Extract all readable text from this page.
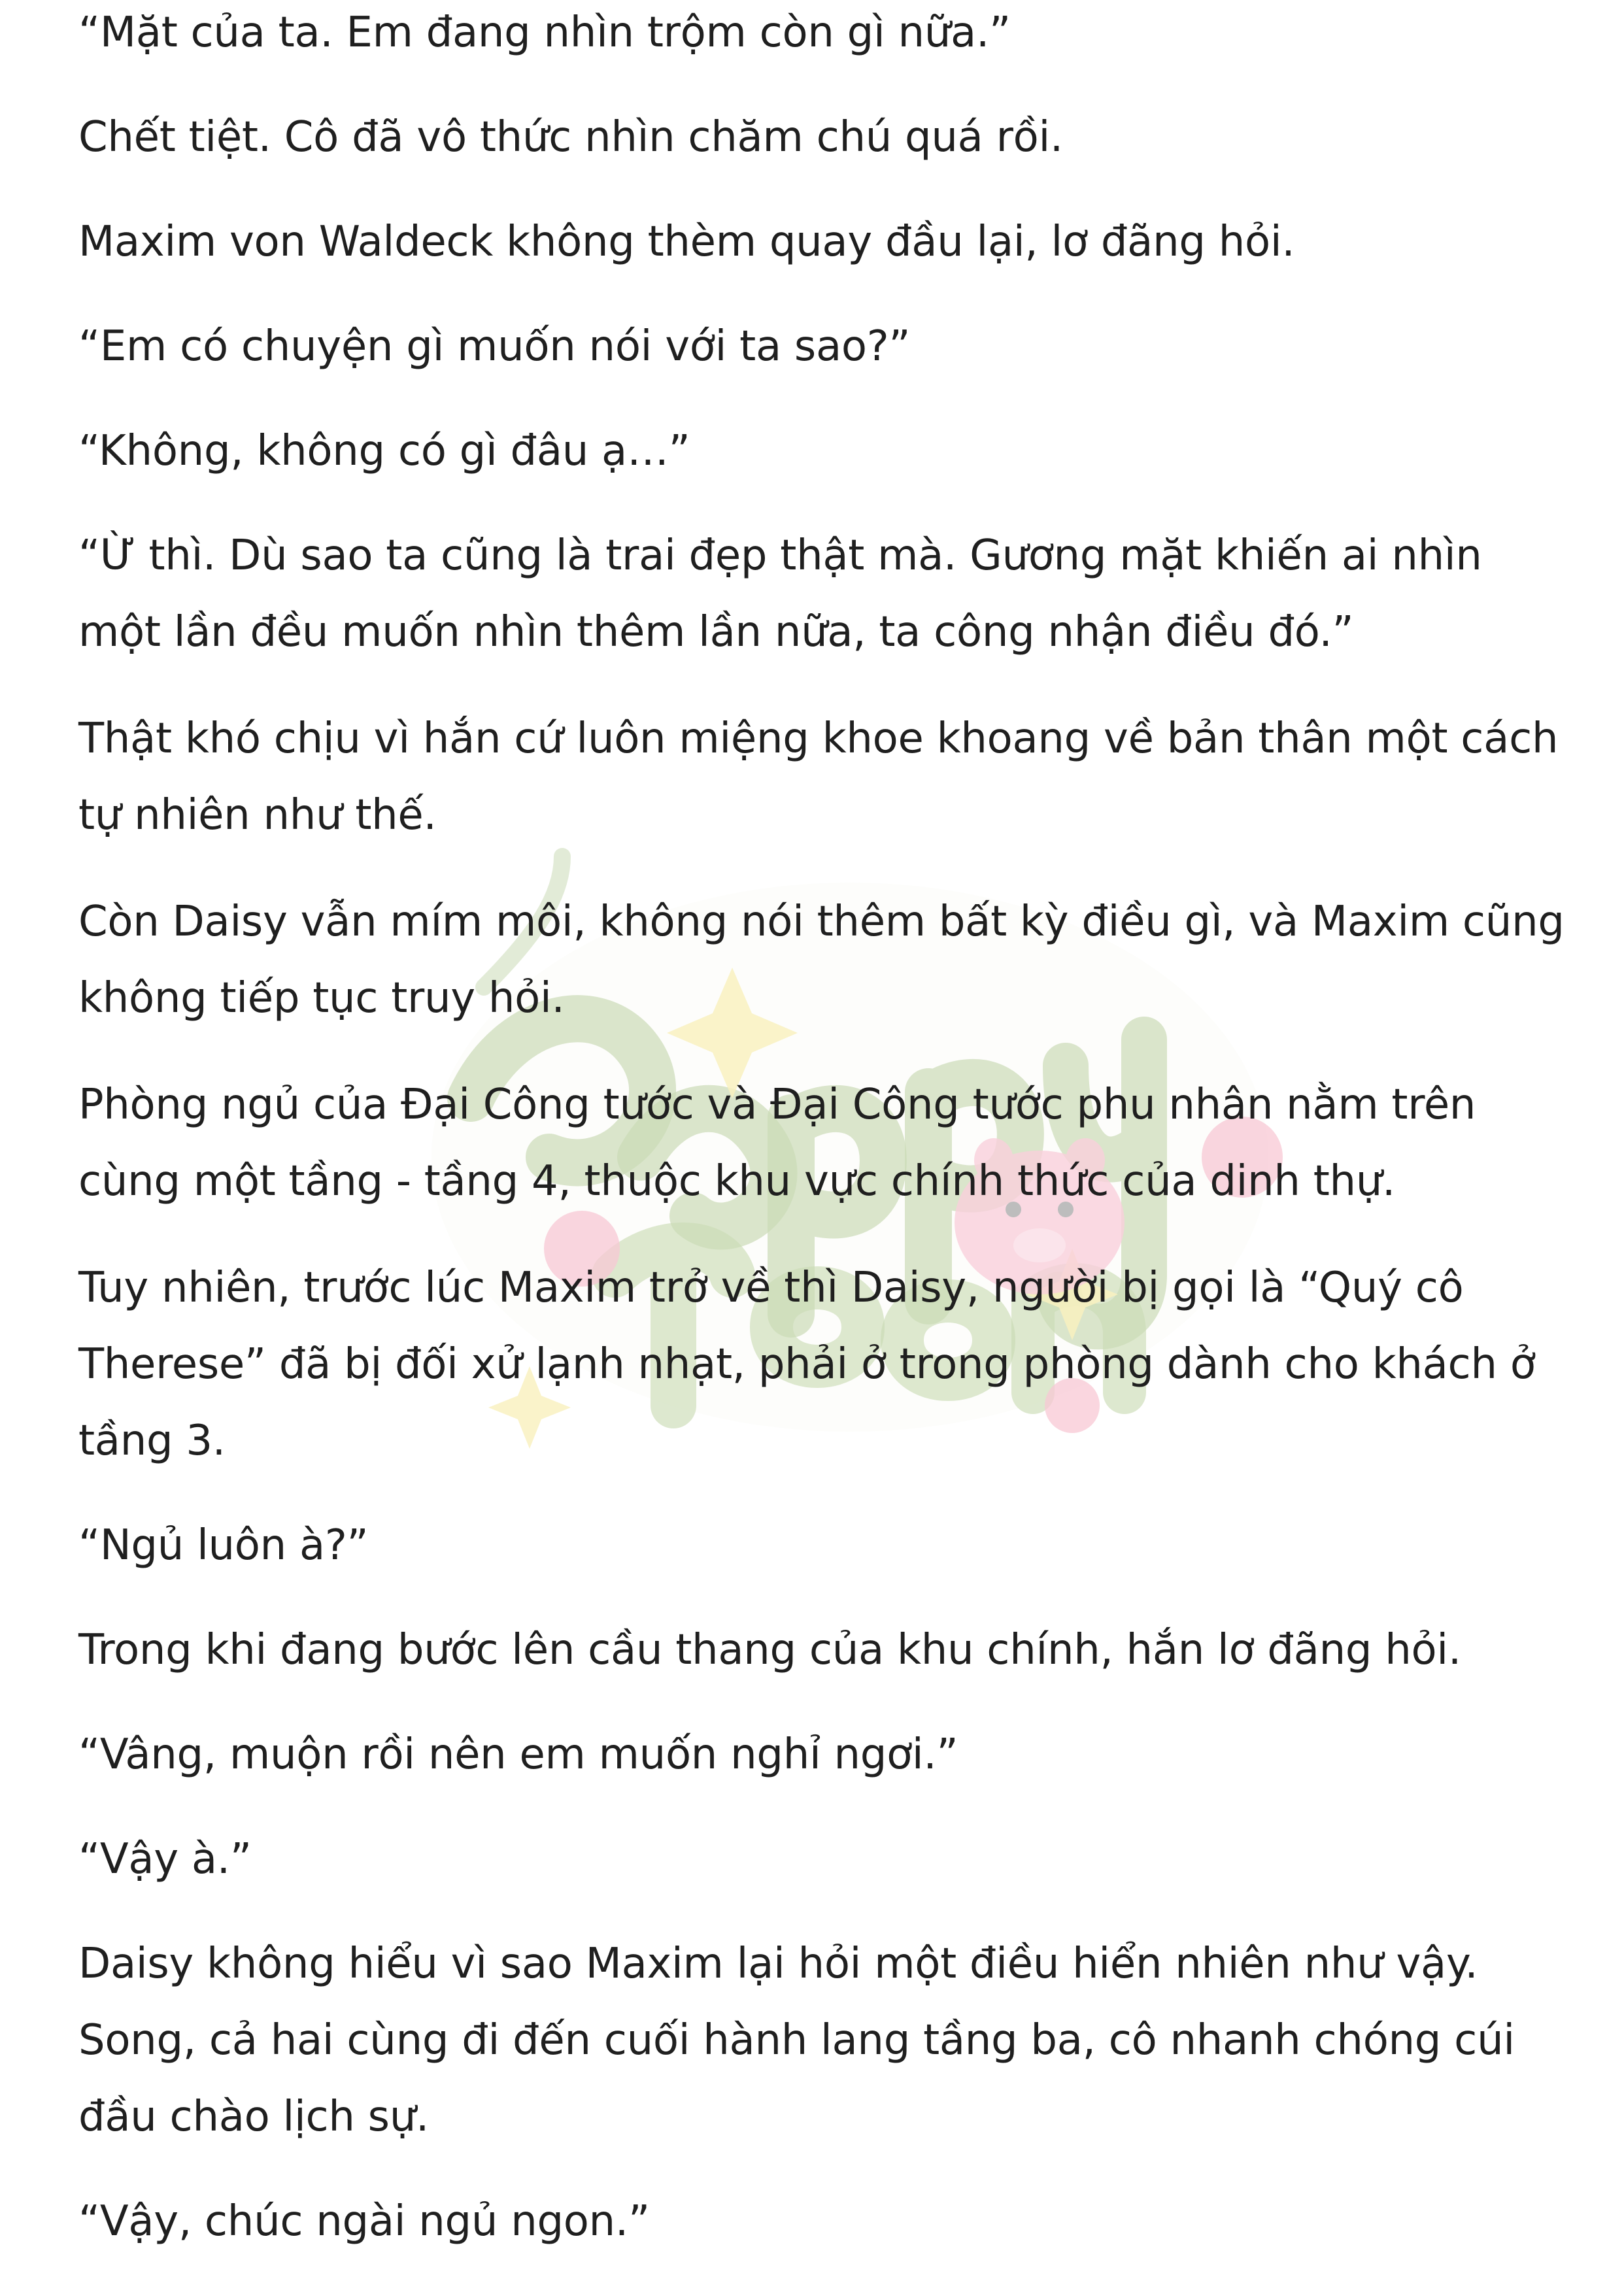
“Mặt của ta. Em đang nhìn trộm còn gì nữa.”

Chết tiệt. Cô đã vô thức nhìn chăm chú quá rồi.

Maxim von Waldeck không thèm quay đầu lại, lơ đãng hỏi.

“Em có chuyện gì muốn nói với ta sao?”

“Không, không có gì đâu ạ…”

“Ừ thì. Dù sao ta cũng là trai đẹp thật mà. Gương mặt khiến ai nhìn một lần đều muốn nhìn thêm lần nữa, ta công nhận điều đó.”

Thật khó chịu vì hắn cứ luôn miệng khoe khoang về bản thân một cách tự nhiên như thế.

Còn Daisy vẫn mím môi, không nói thêm bất kỳ điều gì, và Maxim cũng không tiếp tục truy hỏi.

Phòng ngủ của Đại Công tước và Đại Công tước phu nhân nằm trên cùng một tầng - tầng 4, thuộc khu vực chính thức của dinh thự.

Tuy nhiên, trước lúc Maxim trở về thì Daisy, người bị gọi là “Quý cô Therese” đã bị đối xử lạnh nhạt, phải ở trong phòng dành cho khách ở tầng 3.

“Ngủ luôn à?”

Trong khi đang bước lên cầu thang của khu chính, hắn lơ đãng hỏi.

“Vâng, muộn rồi nên em muốn nghỉ ngơi.”

“Vậy à.”

Daisy không hiểu vì sao Maxim lại hỏi một điều hiển nhiên như vậy. Song, cả hai cùng đi đến cuối hành lang tầng ba, cô nhanh chóng cúi đầu chào lịch sự.

“Vậy, chúc ngài ngủ ngon.”
